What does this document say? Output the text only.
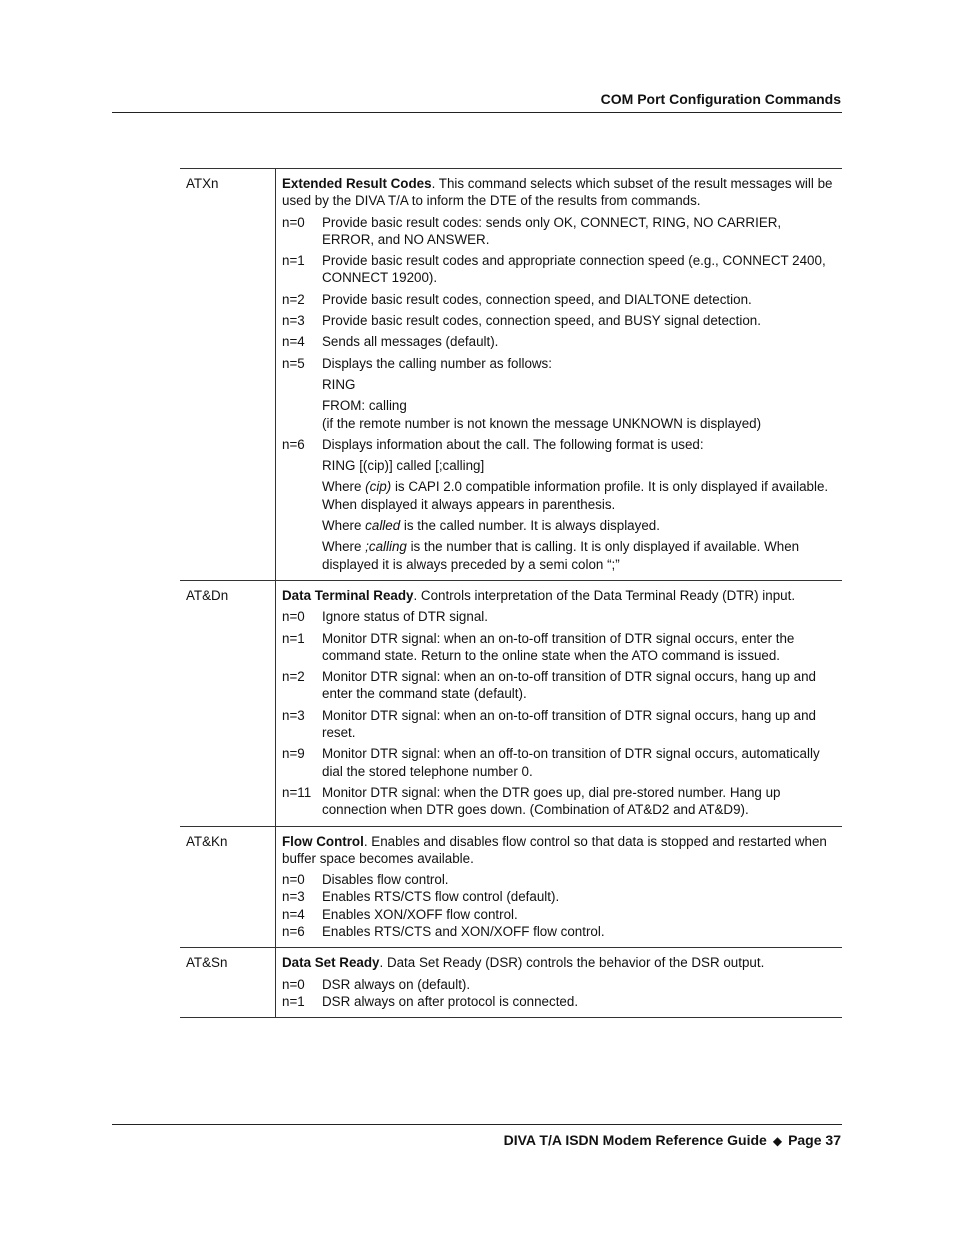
COM Port Configuration Commands
ATXn	Extended Result Codes. This command selects which subset of the result messages will be used by the DIVA T/A to inform the DTE of the results from commands.
n=0	Provide basic result codes: sends only OK, CONNECT, RING, NO CARRIER, ERROR, and NO ANSWER.
n=1	Provide basic result codes and appropriate connection speed (e.g., CONNECT 2400, CONNECT 19200).
n=2	Provide basic result codes, connection speed, and DIALTONE detection.
n=3	Provide basic result codes, connection speed, and BUSY signal detection.
n=4	Sends all messages (default).
n=5	Displays the calling number as follows:
RING
FROM: calling
(if the remote number is not known the message UNKNOWN is displayed)
n=6	Displays information about the call. The following format is used:
RING [(cip)] called [;calling]
Where (cip) is CAPI 2.0 compatible information profile. It is only displayed if available. When displayed it always appears in parenthesis.
Where called is the called number. It is always displayed.
Where ;calling is the number that is calling. It is only displayed if available. When displayed it is always preceded by a semi colon “;”
AT&Dn	Data Terminal Ready. Controls interpretation of the Data Terminal Ready (DTR) input.
n=0	Ignore status of DTR signal.
n=1	Monitor DTR signal: when an on-to-off transition of DTR signal occurs, enter the command state. Return to the online state when the ATO command is issued.
n=2	Monitor DTR signal: when an on-to-off transition of DTR signal occurs, hang up and enter the command state (default).
n=3	Monitor DTR signal: when an on-to-off transition of DTR signal occurs, hang up and reset.
n=9	Monitor DTR signal: when an off-to-on transition of DTR signal occurs, automatically dial the stored telephone number 0.
n=11 Monitor DTR signal: when the DTR goes up, dial pre-stored number. Hang up connection when DTR goes down. (Combination of AT&D2 and AT&D9).
AT&Kn	Flow Control. Enables and disables flow control so that data is stopped and restarted when buffer space becomes available.
n=0	Disables flow control.
n=3	Enables RTS/CTS flow control (default).
n=4	Enables XON/XOFF flow control.
n=6	Enables RTS/CTS and XON/XOFF flow control.
AT&Sn	Data Set Ready. Data Set Ready (DSR) controls the behavior of the DSR output.
n=0	DSR always on (default).
n=1	DSR always on after protocol is connected.
DIVA T/A ISDN Modem Reference Guide ◆ Page 37
